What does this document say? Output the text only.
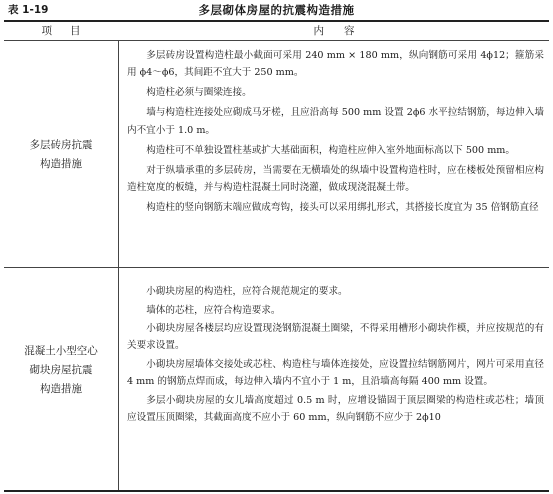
表 1-19	多层砌体房屋的抗震构造措施
项目	内容
多层砖房抗震
构造措施

多层砖房设置构造柱最小截面可采用 240 mm × 180 mm，纵向钢筋可采用 4ϕ12；箍筋采用 ϕ4～ϕ6，其间距不宜大于 250 mm。

构造柱必须与圈梁连接。

墙与构造柱连接处应砌成马牙槎，且应沿高每 500 mm 设置 2ϕ6 水平拉结钢筋，每边伸入墙内不宜小于 1.0 m。

构造柱可不单独设置柱基或扩大基础面积，构造柱应伸入室外地面标高以下 500 mm。

对于纵墙承重的多层砖房，当需要在无横墙处的纵墙中设置构造柱时，应在楼板处预留相应构造柱宽度的板缝，并与构造柱混凝土同时浇灌，做成现浇混凝土带。

构造柱的竖向钢筋末端应做成弯钩，接头可以采用绑扎形式，其搭接长度宜为 35 倍钢筋直径

混凝土小型空心
砌块房屋抗震
构造措施

小砌块房屋的构造柱，应符合规范规定的要求。

墙体的芯柱，应符合构造要求。

小砌块房屋各楼层均应设置现浇钢筋混凝土圈梁，不得采用槽形小砌块作模，并应按规范的有关要求设置。

小砌块房屋墙体交接处或芯柱、构造柱与墙体连接处，应设置拉结钢筋网片，网片可采用直径 4 mm 的钢筋点焊而成，每边伸入墙内不宜小于 1 m，且沿墙高每隔 400 mm 设置。

多层小砌块房屋的女儿墙高度超过 0.5 m 时，应增设锚固于顶层圈梁的构造柱或芯柱；墙顶应设置压顶圈梁，其截面高度不应小于 60 mm，纵向钢筋不应少于 2ϕ10
